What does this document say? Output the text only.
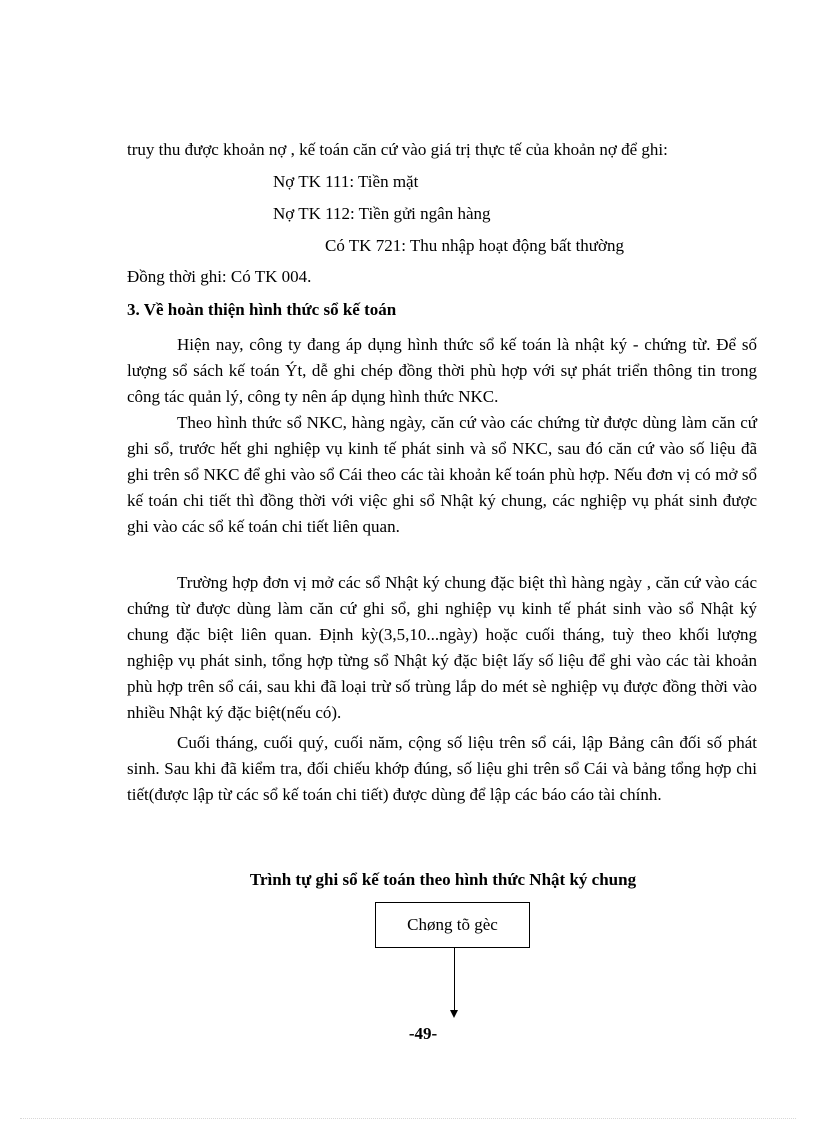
truy thu được khoản nợ , kế toán căn cứ vào giá trị thực tế của khoản nợ để ghi:
Nợ TK 111: Tiền mặt
Nợ TK 112: Tiền gửi ngân hàng
Có TK 721: Thu nhập hoạt động bất thường
Đồng thời ghi: Có TK 004.
3. Về hoàn thiện hình thức sổ kế toán
Hiện nay, công ty đang áp dụng hình thức sổ kế toán là nhật ký - chứng từ. Để số lượng sổ sách kế toán Ýt, dễ ghi chép đồng thời phù hợp với sự phát triển thông tin trong công tác quản lý, công ty nên áp dụng hình thức NKC.
Theo hình thức sổ NKC, hàng ngày, căn cứ vào các chứng từ được dùng làm căn cứ ghi sổ, trước hết ghi nghiệp vụ kinh tế phát sinh và sổ NKC, sau đó căn cứ vào số liệu đã ghi trên sổ NKC để ghi vào sổ Cái theo các tài khoản kế toán phù hợp. Nếu đơn vị có mở sổ kế toán chi tiết thì đồng thời với việc ghi sổ Nhật ký chung, các nghiệp vụ phát sinh được ghi vào các sổ kế toán chi tiết liên quan.
Trường hợp đơn vị mở các sổ Nhật ký chung đặc biệt thì hàng ngày , căn cứ vào các chứng từ được dùng làm căn cứ ghi sổ, ghi nghiệp vụ kinh tế phát sinh vào sổ Nhật ký chung đặc biệt liên quan. Định kỳ(3,5,10...ngày) hoặc cuối tháng, tuỳ theo khối lượng nghiệp vụ phát sinh, tổng hợp từng sổ Nhật ký đặc biệt lấy số liệu để ghi vào các tài khoản phù hợp trên sổ cái, sau khi đã loại trừ số trùng lắp do mét sè nghiệp vụ được đồng thời vào nhiều Nhật ký đặc biệt(nếu có).
Cuối tháng, cuối quý, cuối năm, cộng số liệu trên sổ cái, lập Bảng cân đối số phát sinh. Sau khi đã kiểm tra, đối chiếu khớp đúng, số liệu ghi trên sổ Cái và bảng tổng hợp chi tiết(được lập từ các sổ kế toán chi tiết) được dùng để lập các báo cáo tài chính.
Trình tự ghi sổ kế toán theo hình thức Nhật ký chung
Chøng tõ gèc
-49-
